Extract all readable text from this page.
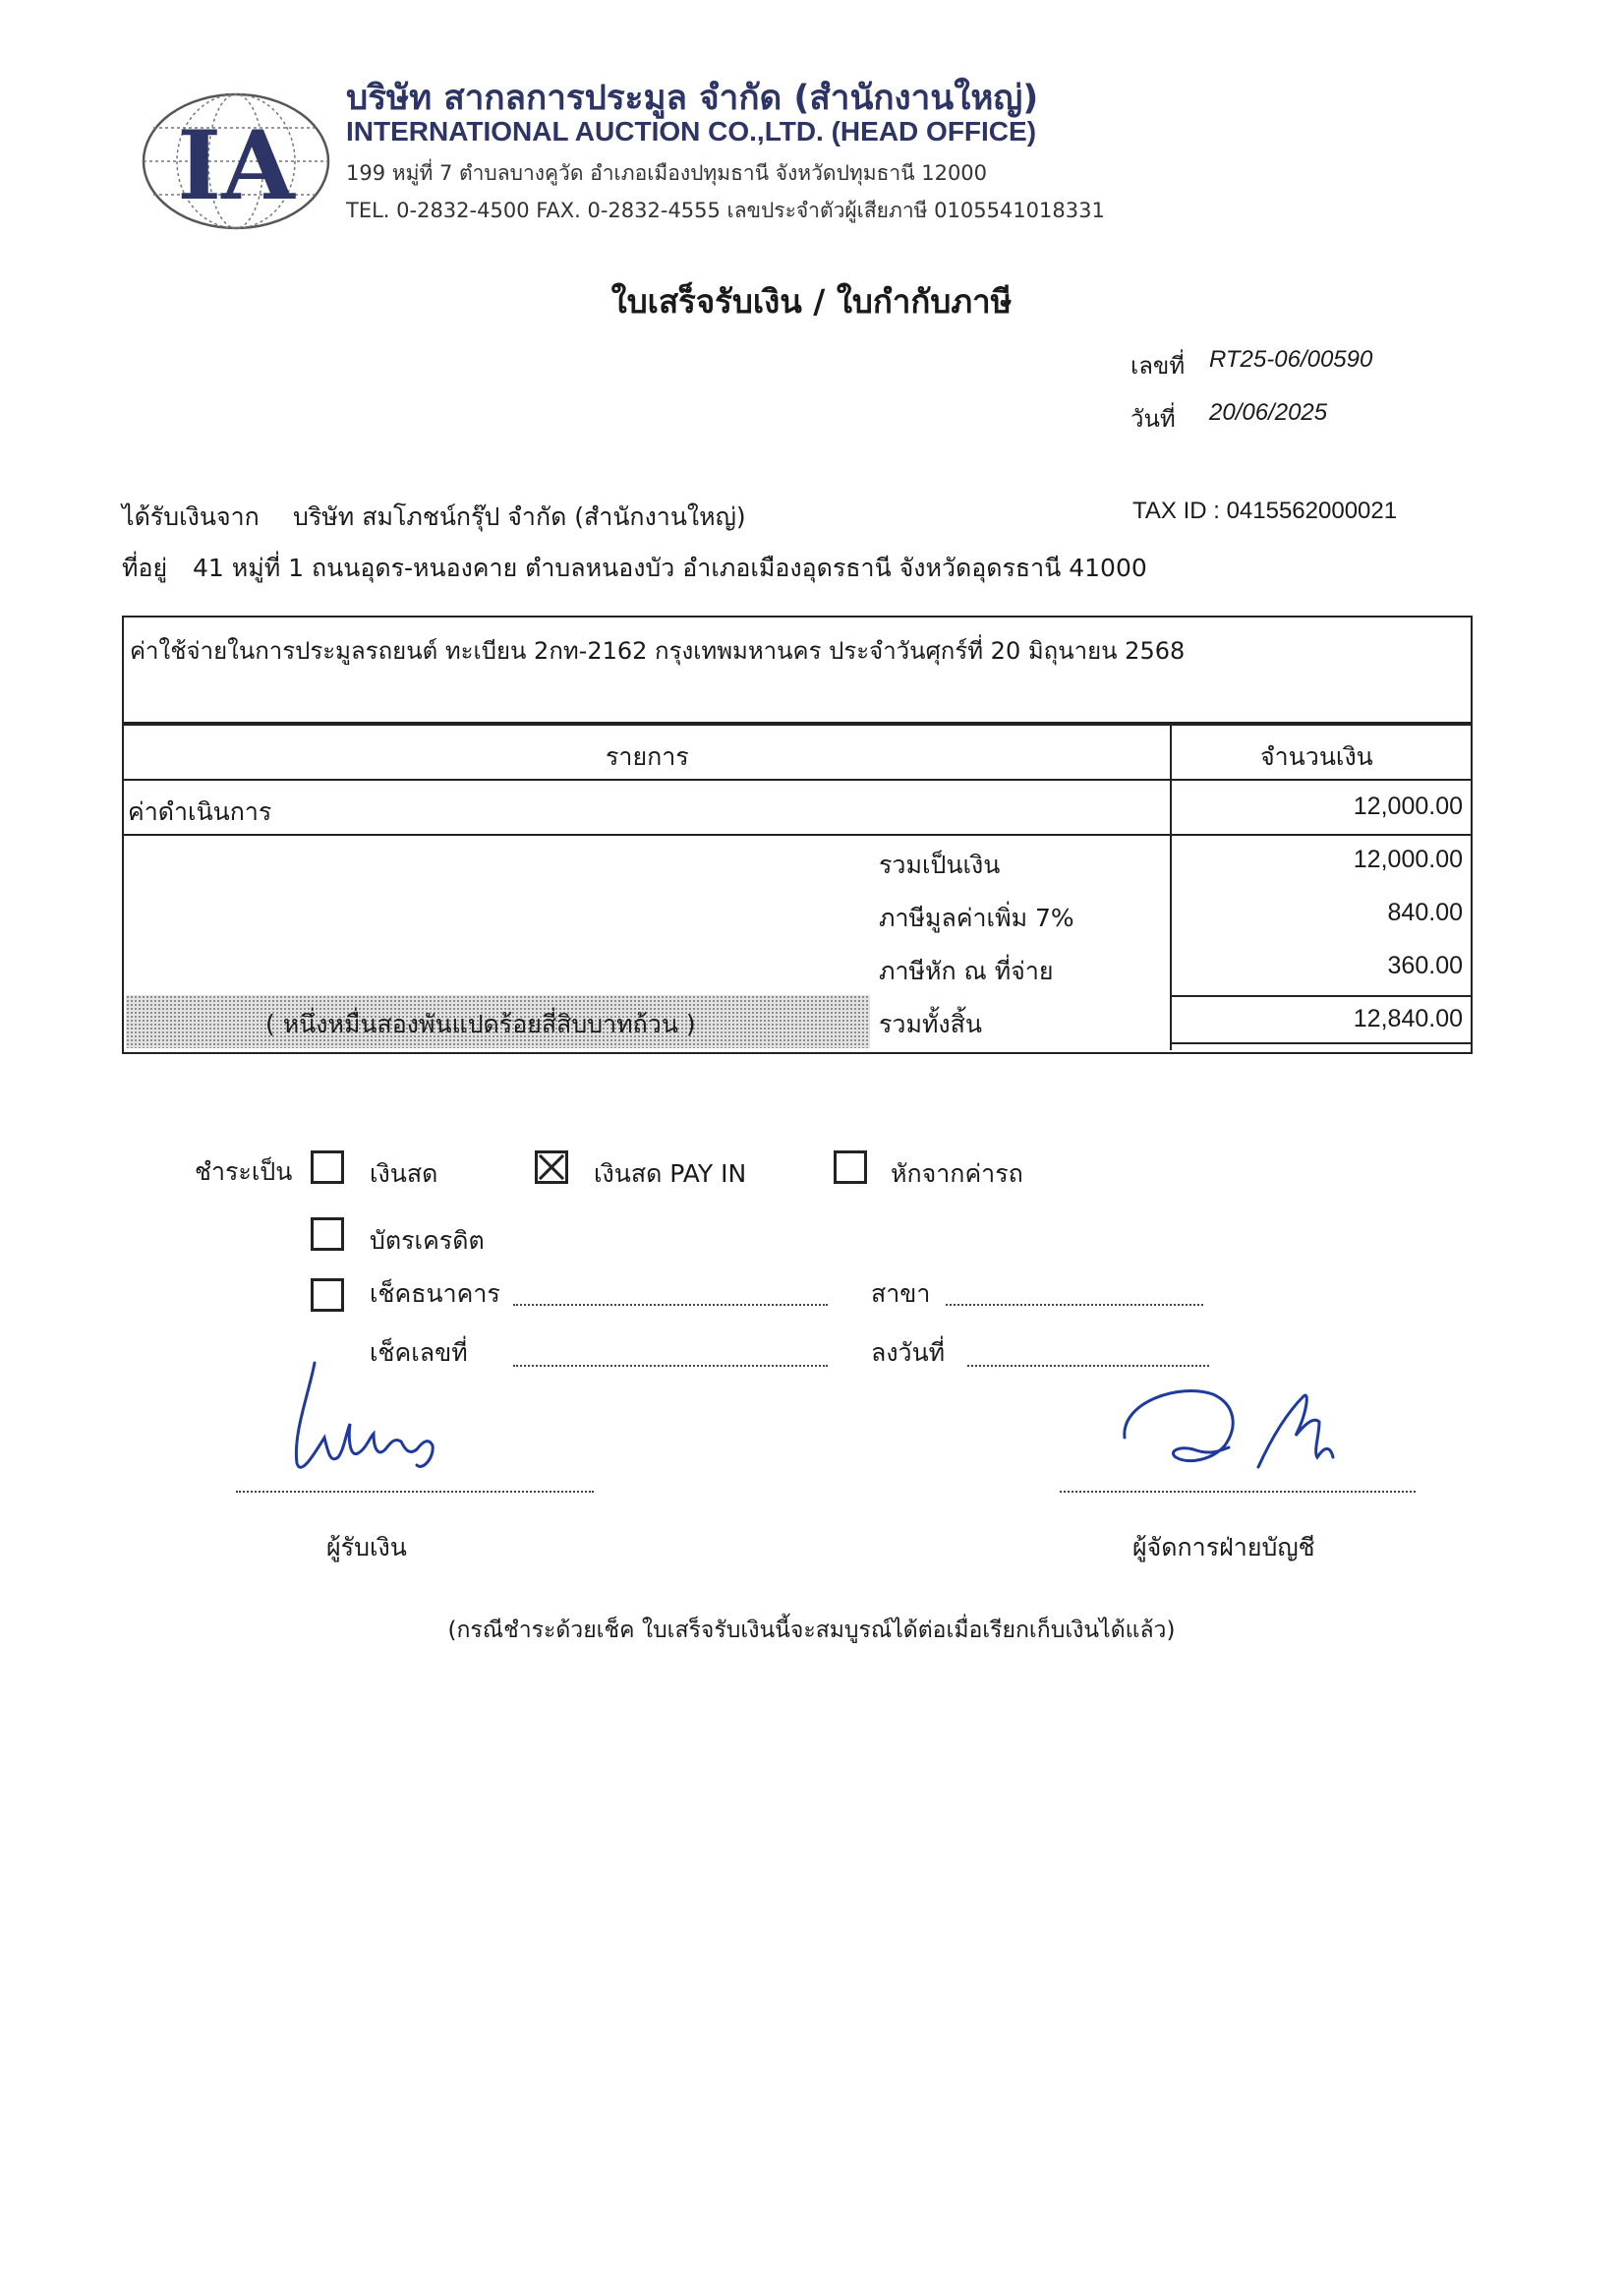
IA
บริษัท สากลการประมูล จำกัด (สำนักงานใหญ่)
INTERNATIONAL AUCTION CO.,LTD. (HEAD OFFICE)
199 หมู่ที่ 7 ตำบลบางคูวัด อำเภอเมืองปทุมธานี จังหวัดปทุมธานี 12000
TEL. 0-2832-4500 FAX. 0-2832-4555 เลขประจำตัวผู้เสียภาษี 0105541018331
ใบเสร็จรับเงิน / ใบกำกับภาษี
เลขที่ RT25-06/00590
วันที่ 20/06/2025
ได้รับเงินจาก บริษัท สมโภชน์กรุ๊ป จำกัด (สำนักงานใหญ่)	TAX ID : 0415562000021
ที่อยู่ 41 หมู่ที่ 1 ถนนอุดร-หนองคาย ตำบลหนองบัว อำเภอเมืองอุดรธานี จังหวัดอุดรธานี 41000
ค่าใช้จ่ายในการประมูลรถยนต์ ทะเบียน 2กท-2162 กรุงเทพมหานคร ประจำวันศุกร์ที่ 20 มิถุนายน 2568
รายการ	จำนวนเงิน
ค่าดำเนินการ	12,000.00
รวมเป็นเงิน	12,000.00
ภาษีมูลค่าเพิ่ม 7%	840.00
ภาษีหัก ณ ที่จ่าย	360.00
( หนึ่งหมื่นสองพันแปดร้อยสี่สิบบาทถ้วน )	รวมทั้งสิ้น	12,840.00
ชำระเป็น	เงินสด	เงินสด PAY IN	หักจากค่ารถ
บัตรเครดิต
เช็คธนาคาร	สาขา
เช็คเลขที่	ลงวันที่
ผู้รับเงิน	ผู้จัดการฝ่ายบัญชี
(กรณีชำระด้วยเช็ค ใบเสร็จรับเงินนี้จะสมบูรณ์ได้ต่อเมื่อเรียกเก็บเงินได้แล้ว)
